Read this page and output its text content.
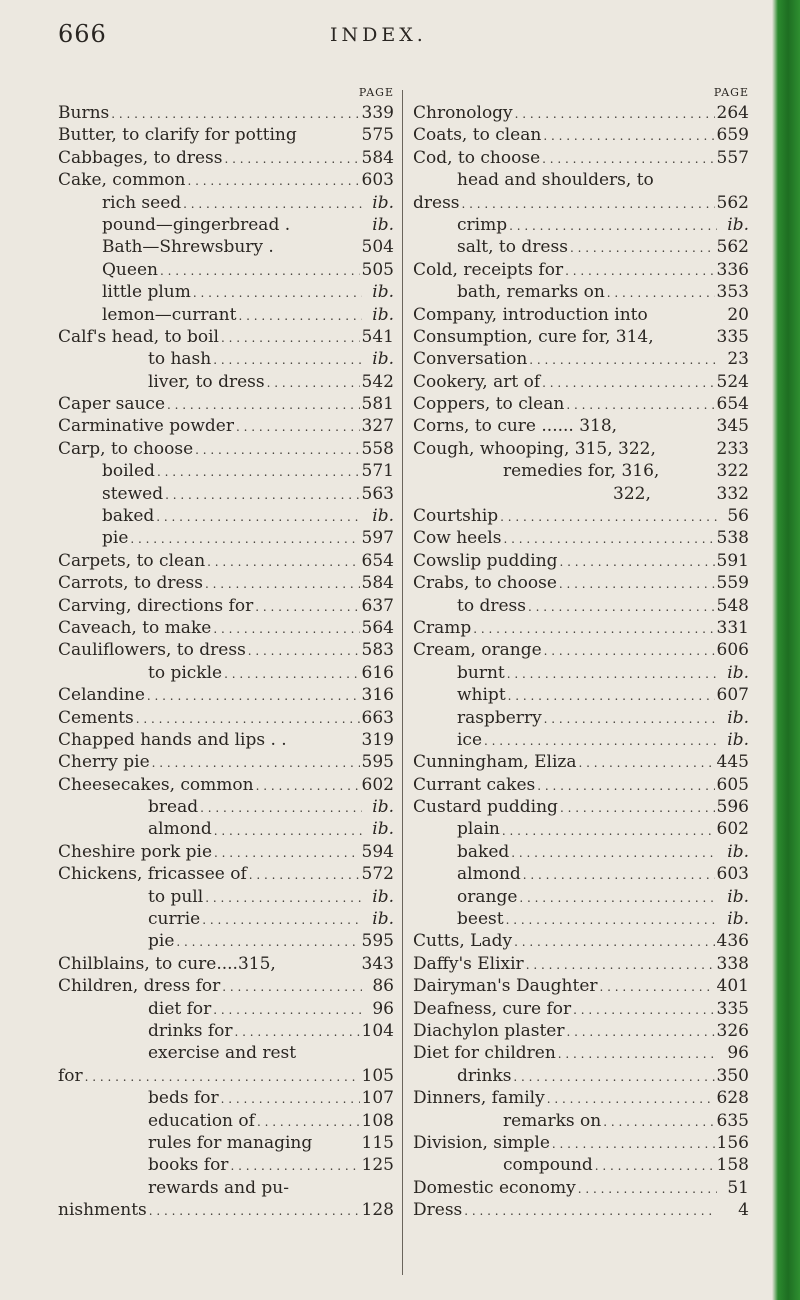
666	INDEX.
PAGE
Burns . . .	339
Butter, to clarify for potting	575
Cabbages, to dress . . .	584
Cake, common . . .	603
rich seed . . .	ib.
pound—gingerbread .	ib.
Bath—Shrewsbury .	504
Queen . . .	505
little plum . . .	ib.
lemon—currant . . .	ib.
Calf's head, to boil . . .	541
to hash . . .	ib.
liver, to dress . . .	542
Caper sauce . . .	581
Carminative powder . . .	327
Carp, to choose . . .	558
boiled . . .	571
stewed . . .	563
baked . . .	ib.
pie . . .	597
Carpets, to clean . . .	654
Carrots, to dress . . .	584
Carving, directions for . . .	637
Caveach, to make . . .	564
Cauliflowers, to dress . . .	583
to pickle . . .	616
Celandine . . .	316
Cements . . .	663
Chapped hands and lips . .	319
Cherry pie . . .	595
Cheesecakes, common . . .	602
bread . . .	ib.
almond . . .	ib.
Cheshire pork pie . . .	594
Chickens, fricassee of . . .	572
to pull . . .	ib.
currie . . .	ib.
pie . . .	595
Chilblains, to cure....315,	343
Children, dress for . . .	86
diet for . . .	96
drinks for . . .	104
exercise and rest
for . . .	105
beds for . . .	107
education of . . .	108
rules for managing	115
books for . . .	125
rewards and pu-
nishments . . .	128
PAGE
Chronology . . .	264
Coats, to clean . . .	659
Cod, to choose . . .	557
head and shoulders, to
dress . . .	562
crimp . . .	ib.
salt, to dress . . .	562
Cold, receipts for . . .	336
bath, remarks on . . .	353
Company, introduction into	20
Consumption, cure for, 314,	335
Conversation . . .	23
Cookery, art of . . .	524
Coppers, to clean . . .	654
Corns, to cure ...... 318,	345
Cough, whooping, 315, 322,	233
remedies for, 316,	322
322,	332
Courtship . . .	56
Cow heels . . .	538
Cowslip pudding . . .	591
Crabs, to choose . . .	559
to dress . . .	548
Cramp . . .	331
Cream, orange . . .	606
burnt . . .	ib.
whipt . . .	607
raspberry . . .	ib.
ice . . .	ib.
Cunningham, Eliza . . .	445
Currant cakes . . .	605
Custard pudding . . .	596
plain . . .	602
baked . . .	ib.
almond . . .	603
orange . . .	ib.
beest . . .	ib.
Cutts, Lady . . .	436
Daffy's Elixir . . .	338
Dairyman's Daughter . . .	401
Deafness, cure for . . .	335
Diachylon plaster . . .	326
Diet for children . . .	96
drinks . . .	350
Dinners, family . . .	628
remarks on . . .	635
Division, simple . . .	156
compound . . .	158
Domestic economy . . .	51
Dress . . .	4
